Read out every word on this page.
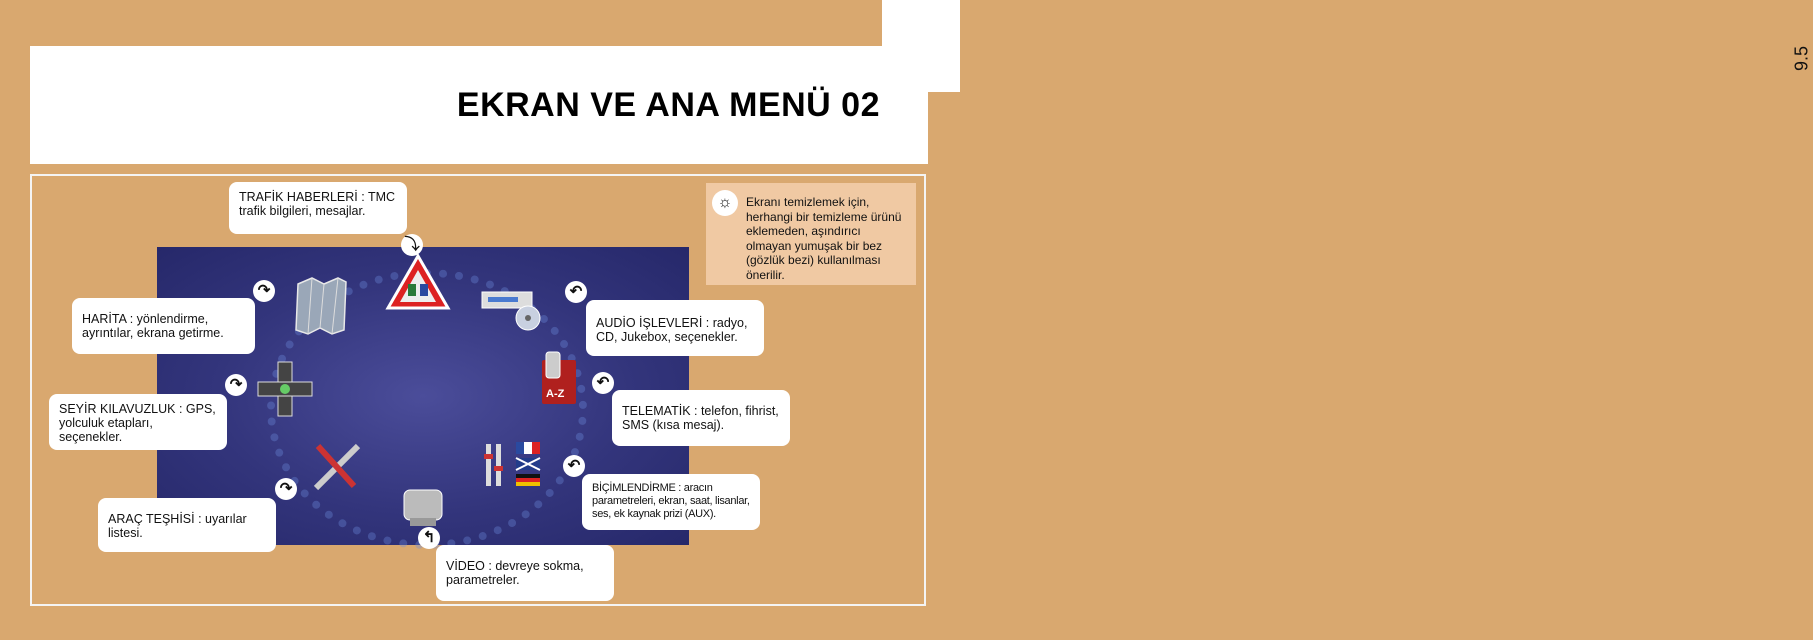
9.5
EKRAN VE ANA MENÜ 02
A-Z
TRAFİK HABERLERİ : TMC trafik bilgileri, mesajlar.
⤵
HARİTA : yönlendirme, ayrıntılar, ekrana getirme.
↷
SEYİR KILAVUZLUK : GPS, yolculuk etapları, seçenekler.
↷
ARAÇ TEŞHİSİ : uyarılar listesi.
↷
AUDİO İŞLEVLERİ : radyo, CD, Jukebox, seçenekler.
↶
TELEMATİK : telefon, fihrist, SMS (kısa mesaj).
↶
BİÇİMLENDİRME : aracın parametreleri, ekran, saat, lisanlar, ses, ek kaynak prizi (AUX).
↶
VİDEO : devreye sokma, parametreler.
↰
Ekranı temizlemek için, herhangi bir temizleme ürünü eklemeden, aşındırıcı olmayan yumuşak bir bez (gözlük bezi) kullanılması önerilir.
☼
